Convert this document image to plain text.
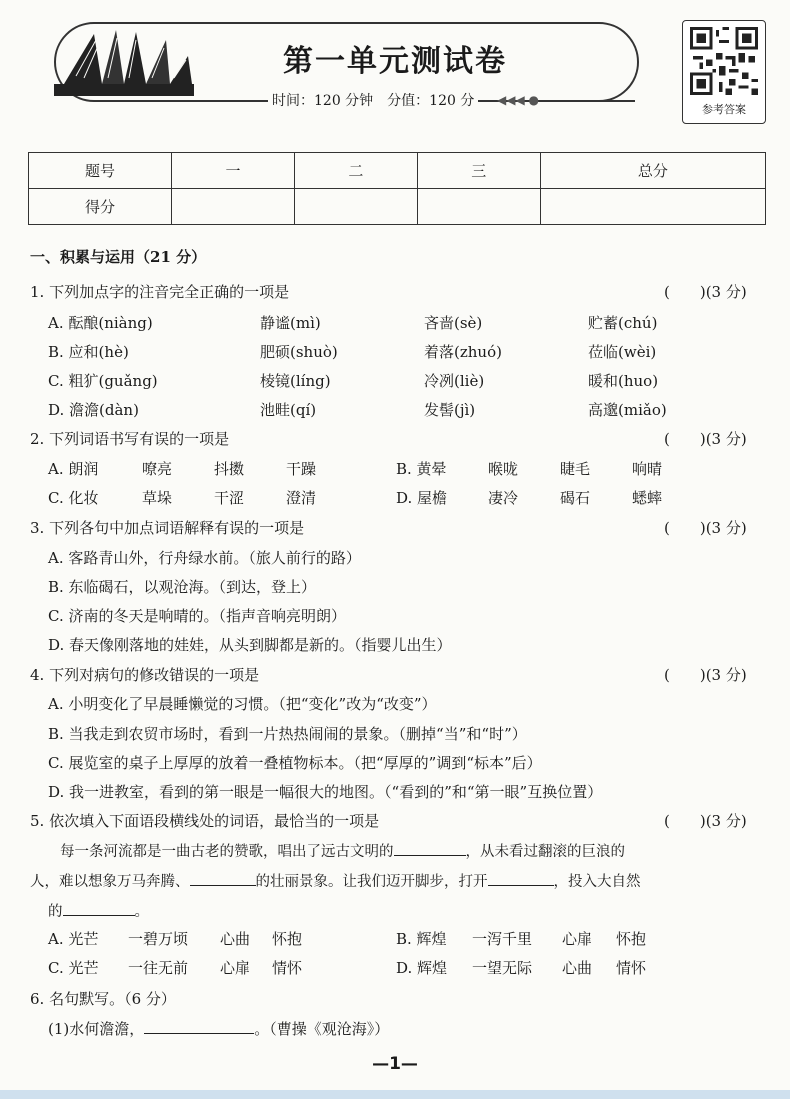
第一单元测试卷
时间：120 分钟　分值：120 分	◀◀◀ ●
参考答案
题号	一	二	三	总分
得分				
一、积累与运用（21 分）
1. 下列加点字的注音完全正确的一项是	(　　)(3 分)
A. 酝酿(niàng)	静谧(mì)	吝啬(sè)	贮蓄(chú)
B. 应和(hè)	肥硕(shuò)	着落(zhuó)	莅临(wèi)
C. 粗犷(guǎng)	棱镜(líng)	冷冽(liè)	暖和(huo)
D. 澹澹(dàn)	池畦(qí)	发髻(jì)	高邈(miǎo)
2. 下列词语书写有误的一项是	(　　)(3 分)
A. 朗润	嘹亮	抖擞	干躁	B. 黄晕	喉咙	睫毛	响晴
C. 化妆	草垛	干涩	澄清	D. 屋檐	凄冷	碣石	蟋蟀
3. 下列各句中加点词语解释有误的一项是	(　　)(3 分)
A. 客路青山外，行舟绿水前。（旅人前行的路）
B. 东临碣石，以观沧海。（到达，登上）
C. 济南的冬天是响晴的。（指声音响亮明朗）
D. 春天像刚落地的娃娃，从头到脚都是新的。（指婴儿出生）
4. 下列对病句的修改错误的一项是	(　　)(3 分)
A. 小明变化了早晨睡懒觉的习惯。（把“变化”改为“改变”）
B. 当我走到农贸市场时，看到一片热热闹闹的景象。（删掉“当”和“时”）
C. 展览室的桌子上厚厚的放着一叠植物标本。（把“厚厚的”调到“标本”后）
D. 我一进教室，看到的第一眼是一幅很大的地图。（“看到的”和“第一眼”互换位置）
5. 依次填入下面语段横线处的词语，最恰当的一项是	(　　)(3 分)
每一条河流都是一曲古老的赞歌，唱出了远古文明的	，从未看过翻滚的巨浪的
人，难以想象万马奔腾、	的壮丽景象。让我们迈开脚步，打开	，投入大自然
的	。
A. 光芒 一碧万顷 心曲 怀抱	B. 辉煌 一泻千里 心扉 怀抱
C. 光芒 一往无前 心扉 情怀	D. 辉煌 一望无际 心曲 情怀
6. 名句默写。（6 分）
(1)水何澹澹，	。（曹操《观沧海》）
—1—
